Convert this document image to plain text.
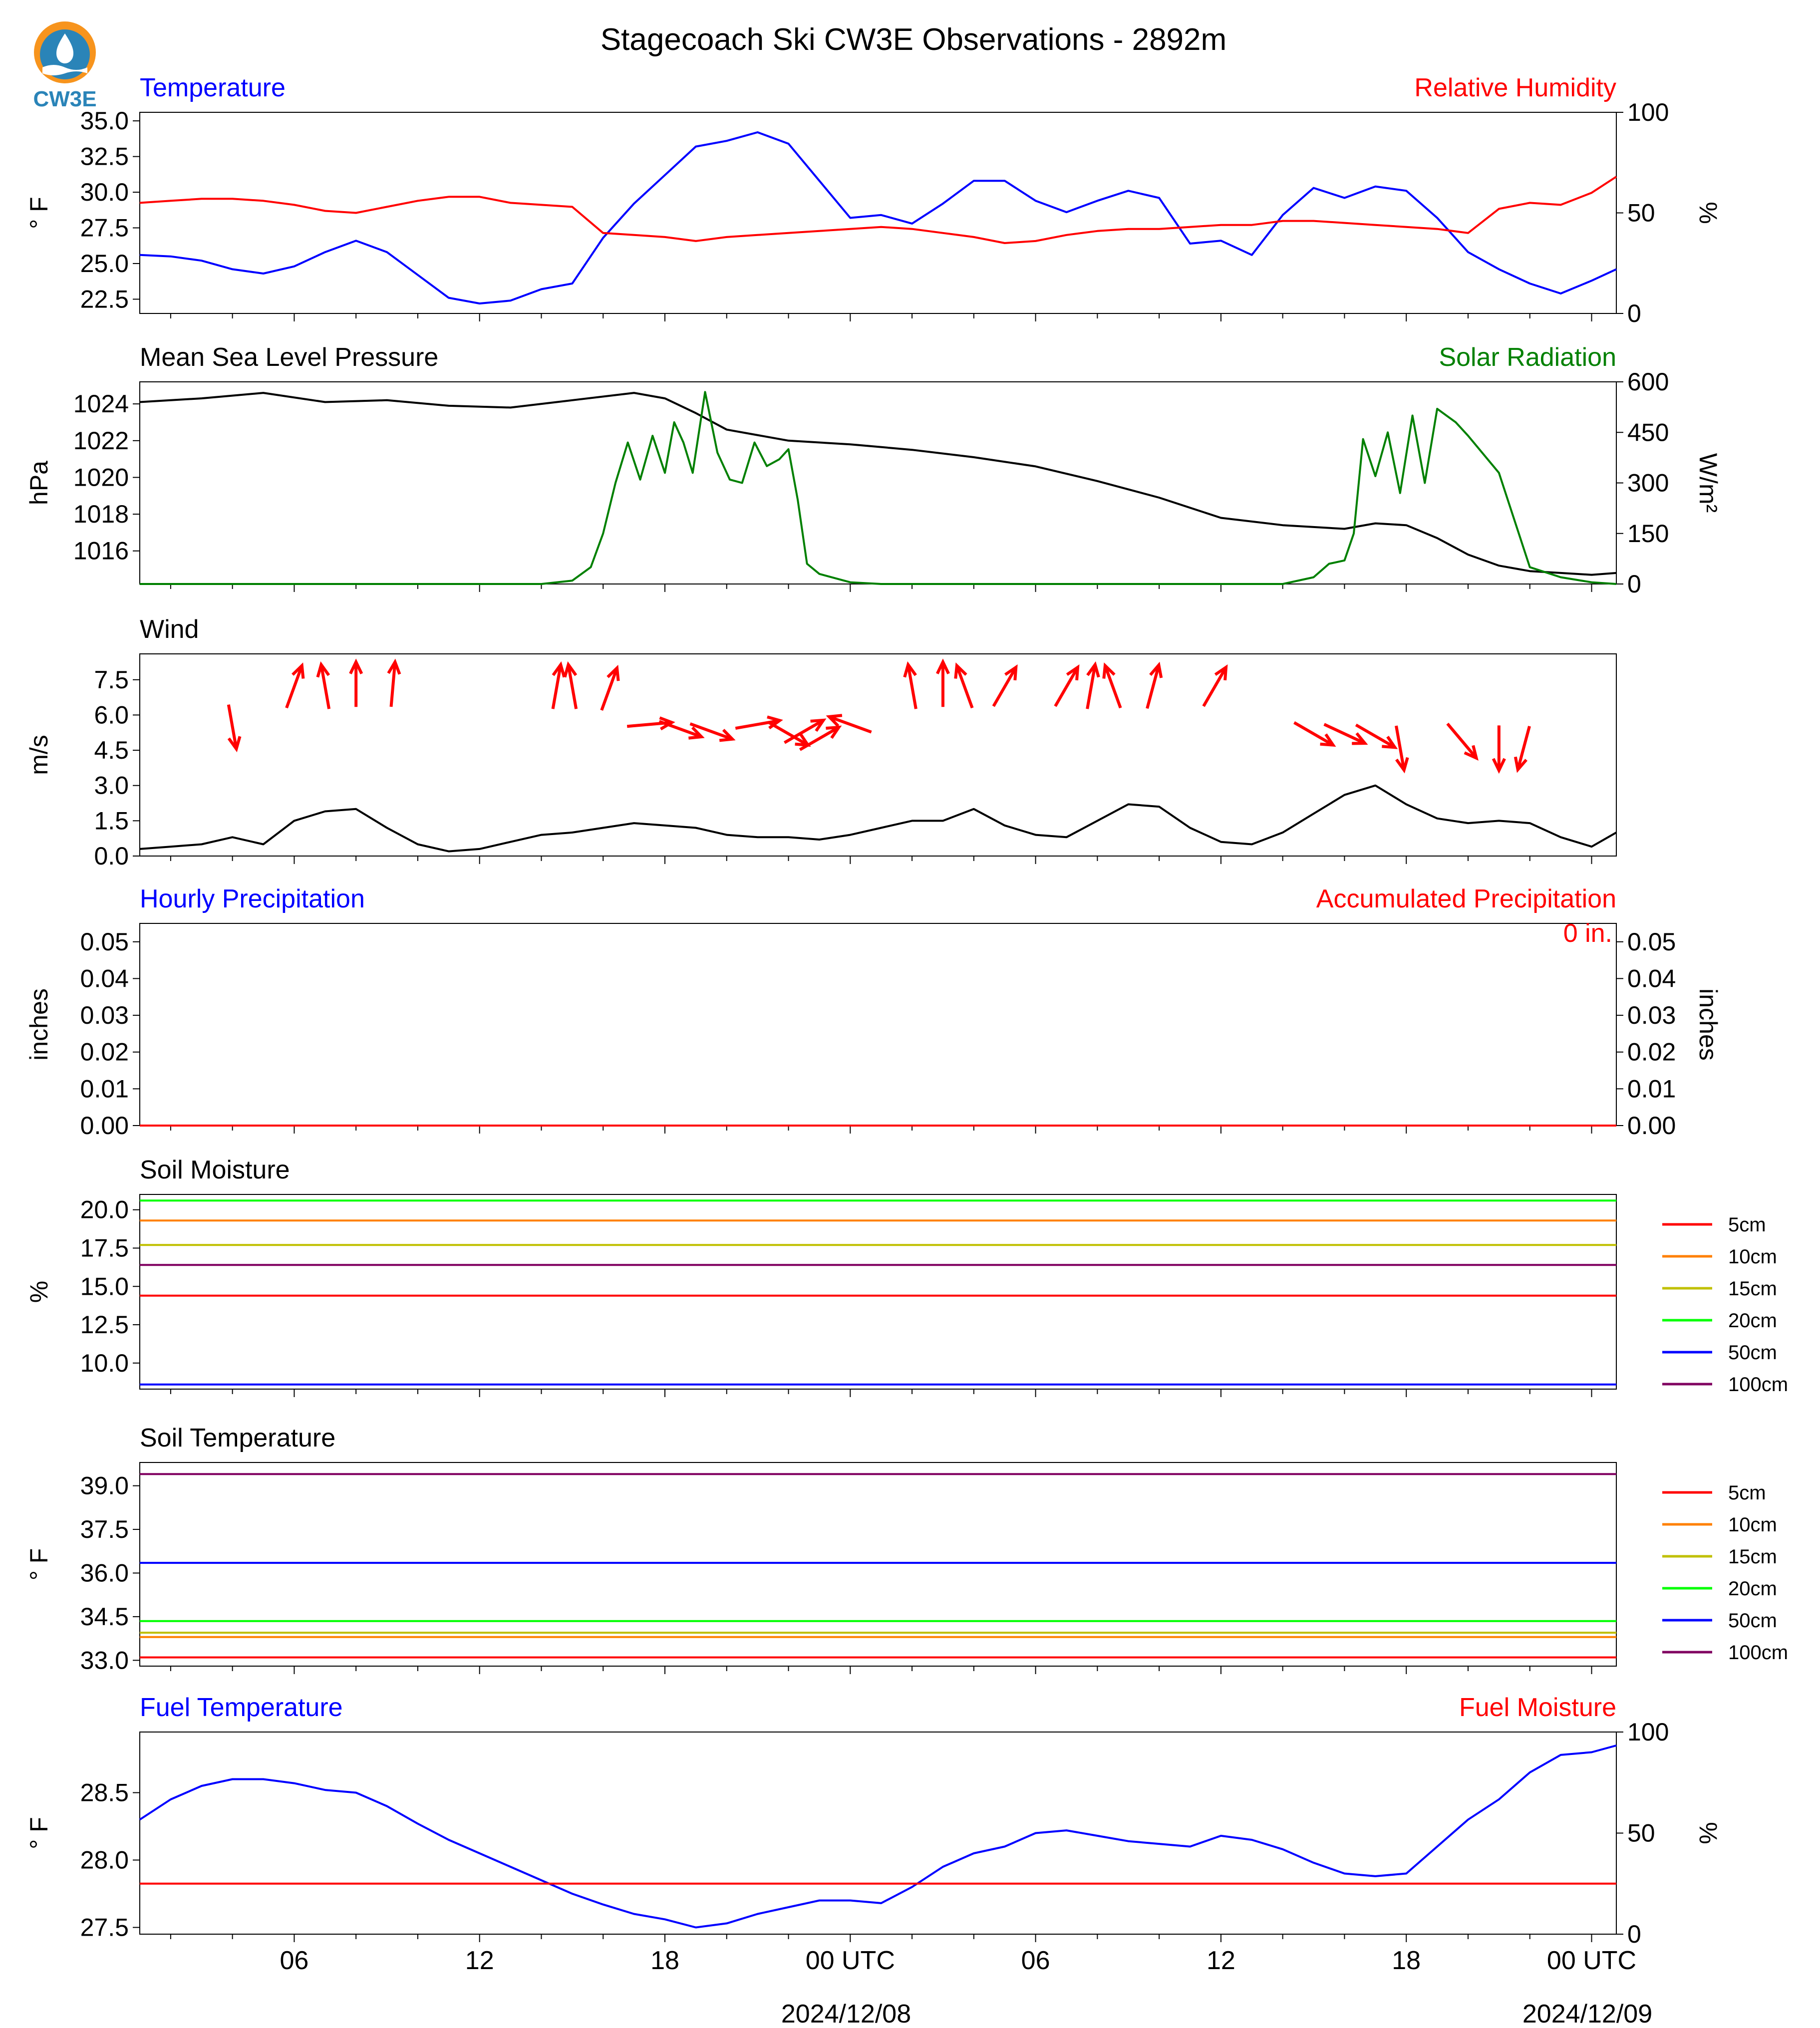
CW3E
Stagecoach Ski CW3E Observations - 2892m
Temperature	Relative Humidity
22.5
25.0
27.5
30.0
32.5
35.0
° F
0
50
100
%
Mean Sea Level Pressure	Solar Radiation
1016
1018
1020
1022
1024
hPa
0
150
300
450
600
W/m²
Wind
0.0
1.5
3.0
4.5
6.0
7.5
m/s
Hourly Precipitation	Accumulated Precipitation
0.00
0.01
0.02
0.03
0.04
0.05
inches
0.00
0.01
0.02
0.03
0.04
0.05
inches
0 in.
Soil Moisture
10.0
12.5
15.0
17.5
20.0
%
5cm
10cm
15cm
20cm
50cm
100cm
Soil Temperature
33.0
34.5
36.0
37.5
39.0
° F
5cm
10cm
15cm
20cm
50cm
100cm
Fuel Temperature	Fuel Moisture
27.5
28.0
28.5
° F
0
50
100
%
2024/12/08	2024/12/09
06	12	18	00 UTC	06	12	18	00 UTC
